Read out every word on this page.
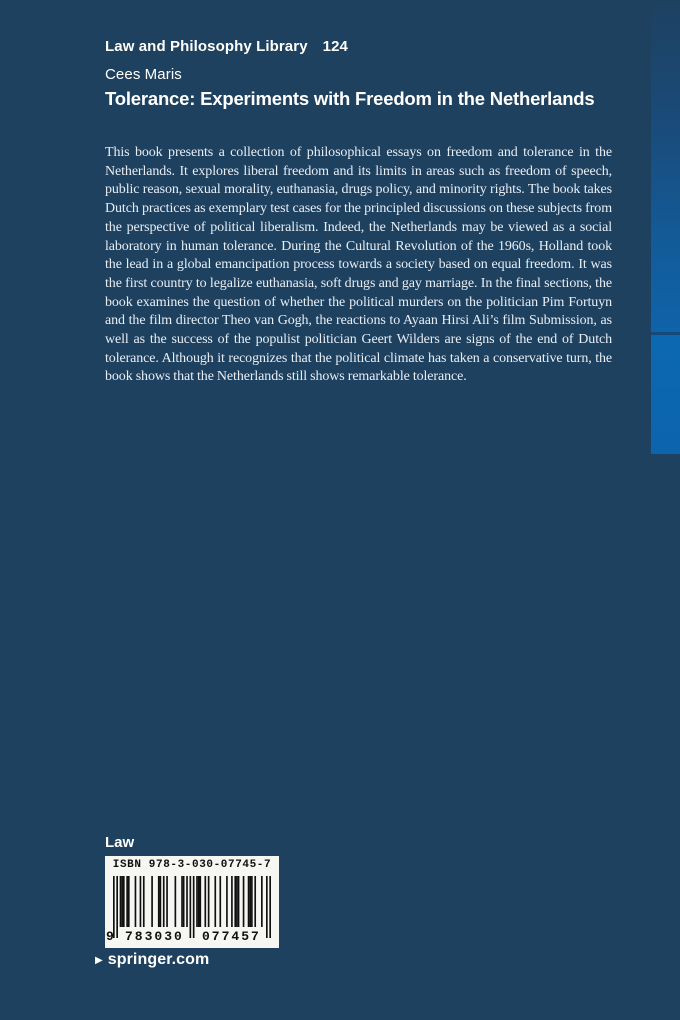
Law and Philosophy Library 124
Cees Maris
Tolerance: Experiments with Freedom in the Netherlands
This book presents a collection of philosophical essays on freedom and tolerance in the Netherlands. It explores liberal freedom and its limits in areas such as freedom of speech, public reason, sexual morality, euthanasia, drugs policy, and minority rights. The book takes Dutch practices as exemplary test cases for the principled discussions on these subjects from the perspective of political liberalism. Indeed, the Netherlands may be viewed as a social laboratory in human tolerance. During the Cultural Revolution of the 1960s, Holland took the lead in a global emancipation process towards a society based on equal freedom. It was the first country to legalize euthanasia, soft drugs and gay marriage. In the final sections, the book examines the question of whether the political murders on the politician Pim Fortuyn and the film director Theo van Gogh, the reactions to Ayaan Hirsi Ali’s film Submission, as well as the success of the populist politician Geert Wilders are signs of the end of Dutch tolerance. Although it recognizes that the political climate has taken a conservative turn, the book shows that the Netherlands still shows remarkable tolerance.
Law
ISBN 978-3-030-07745-7
9 783030 077457
▶ springer.com
